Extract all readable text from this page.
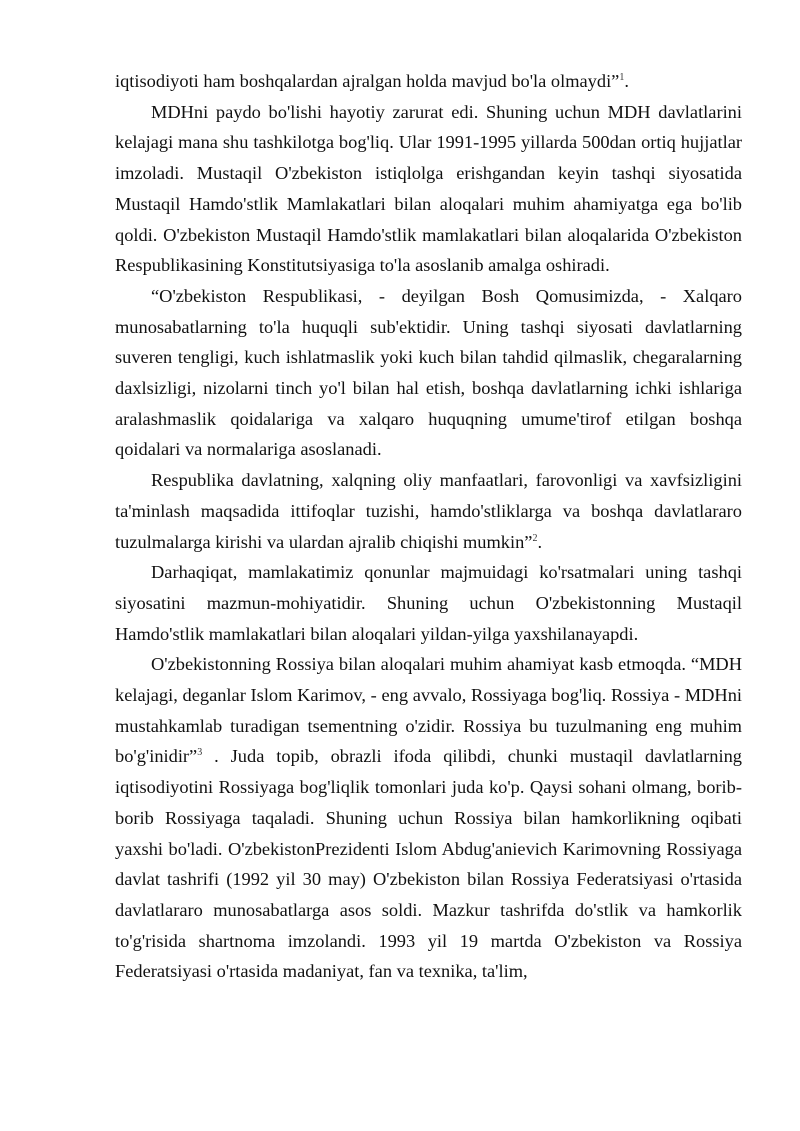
iqtisodiyoti ham boshqalardan ajralgan holda mavjud bo'la olmaydi”$^1$.

MDHni paydo bo'lishi hayotiy zarurat edi. Shuning uchun MDH davlatlarini kelajagi mana shu tashkilotga bog'liq. Ular 1991-1995 yillarda 500dan ortiq hujjatlar imzoladi. Mustaqil O'zbekiston istiqlolga erishgandan keyin tashqi siyosatida Mustaqil Hamdo'stlik Mamlakatlari bilan aloqalari muhim ahamiyatga ega bo'lib qoldi. O'zbekiston Mustaqil Hamdo'stlik mamlakatlari bilan aloqalarida O'zbekiston Respublikasining Konstitutsiyasiga to'la asoslanib amalga oshiradi.

“O'zbekiston Respublikasi, - deyilgan Bosh Qomusimizda, - Xalqaro munosabatlarning to'la huquqli sub'ektidir. Uning tashqi siyosati davlatlarning suveren tengligi, kuch ishlatmaslik yoki kuch bilan tahdid qilmaslik, chegaralarning daxlsizligi, nizolarni tinch yo'l bilan hal etish, boshqa davlatlarning ichki ishlariga aralashmaslik qoidalariga va xalqaro huquqning umume'tirof etilgan boshqa qoidalari va normalariga asoslanadi.

Respublika davlatning, xalqning oliy manfaatlari, farovonligi va xavfsizligini ta'minlash maqsadida ittifoqlar tuzishi, hamdo'stliklarga va boshqa davlatlararo tuzulmalarga kirishi va ulardan ajralib chiqishi mumkin”$^2$.

Darhaqiqat, mamlakatimiz qonunlar majmuidagi ko'rsatmalari uning tashqi siyosatini mazmun-mohiyatidir. Shuning uchun O'zbekistonning Mustaqil Hamdo'stlik mamlakatlari bilan aloqalari yildan-yilga yaxshilanayapdi.

O'zbekistonning Rossiya bilan aloqalari muhim ahamiyat kasb etmoqda. “MDH kelajagi, deganlar Islom Karimov, - eng avvalo, Rossiyaga bog'liq. Rossiya - MDHni mustahkamlab turadigan tsementning o'zidir. Rossiya bu tuzulmaning eng muhim bo'g'inidir”$^3$ . Juda topib, obrazli ifoda qilibdi, chunki mustaqil davlatlarning iqtisodiyotini Rossiyaga bog'liqlik tomonlari juda ko'p. Qaysi sohani olmang, borib-borib Rossiyaga taqaladi. Shuning uchun Rossiya bilan hamkorlikning oqibati yaxshi bo'ladi. O'zbekistonPrezidenti Islom Abdug'anievich Karimovning Rossiyaga davlat tashrifi (1992 yil 30 may) O'zbekiston bilan Rossiya Federatsiyasi o'rtasida davlatlararo munosabatlarga asos soldi. Mazkur tashrifda do'stlik va hamkorlik to'g'risida shartnoma imzolandi. 1993 yil 19 martda O'zbekiston va Rossiya Federatsiyasi o'rtasida madaniyat, fan va texnika, ta'lim,
